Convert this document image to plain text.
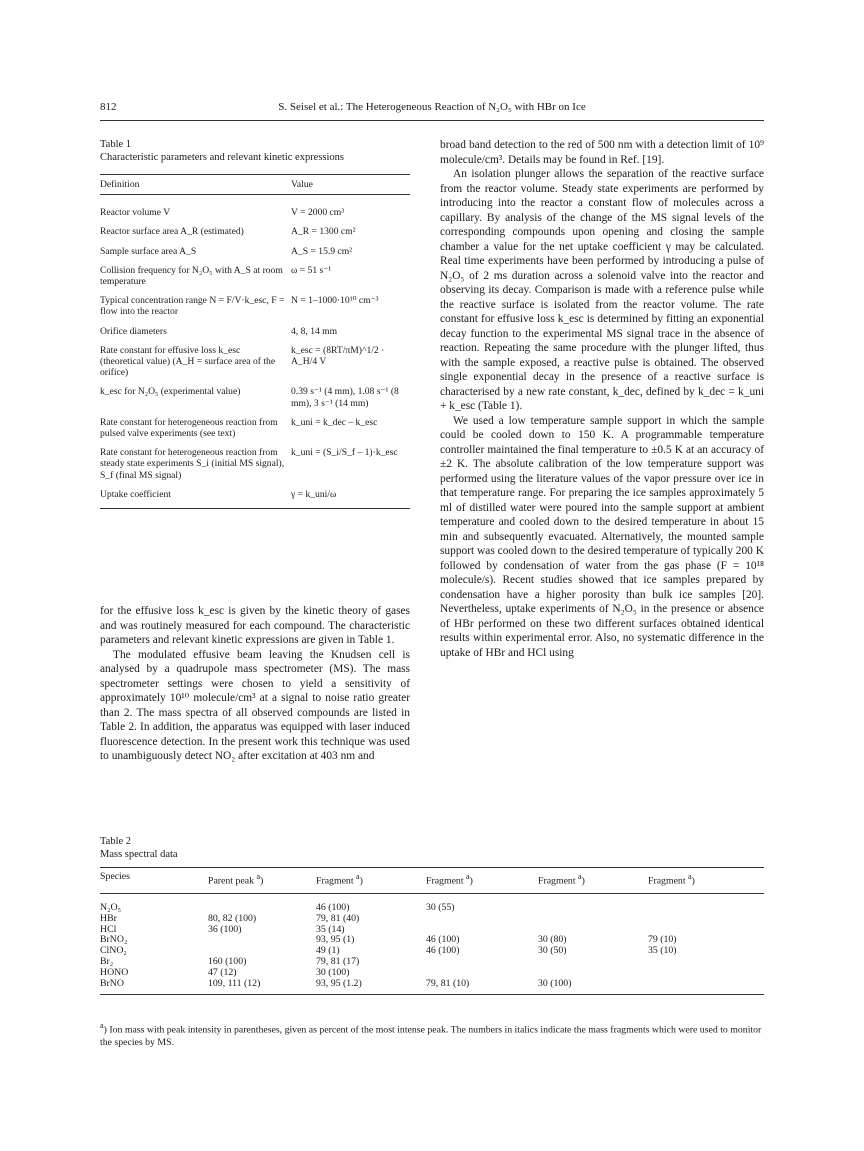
812	S. Seisel et al.: The Heterogeneous Reaction of N₂O₅ with HBr on Ice
Table 1
Characteristic parameters and relevant kinetic expressions
Definition	Value
Reactor volume V	V = 2000 cm³
Reactor surface area A_R (estimated)	A_R = 1300 cm²
Sample surface area A_S	A_S = 15.9 cm²
Collision frequency for N₂O₅ with A_S at room temperature	ω = 51 s⁻¹
Typical concentration range N = F/V·k_esc, F = flow into the reactor	N = 1–1000·10¹⁰ cm⁻³
Orifice diameters	4, 8, 14 mm
Rate constant for effusive loss k_esc (theoretical value) (A_H = surface area of the orifice)	k_esc = (8RT/πM)^1/2 · A_H/4 V
k_esc for N₂O₅ (experimental value)	0.39 s⁻¹ (4 mm), 1.08 s⁻¹ (8 mm), 3 s⁻¹ (14 mm)
Rate constant for heterogeneous reaction from pulsed valve experiments (see text)	k_uni = k_dec – k_esc
Rate constant for heterogeneous reaction from steady state experiments S_i (initial MS signal), S_f (final MS signal)	k_uni = (S_i/S_f – 1)·k_esc
Uptake coefficient	γ = k_uni/ω

for the effusive loss k_esc is given by the kinetic theory of gases and was routinely measured for each compound. The characteristic parameters and relevant kinetic expressions are given in Table 1.

The modulated effusive beam leaving the Knudsen cell is analysed by a quadrupole mass spectrometer (MS). The mass spectrometer settings were chosen to yield a sensitivity of approximately 10¹⁰ molecule/cm³ at a signal to noise ratio greater than 2. The mass spectra of all observed compounds are listed in Table 2. In addition, the apparatus was equipped with laser induced fluorescence detection. In the present work this technique was used to unambiguously detect NO₂ after excitation at 403 nm and

broad band detection to the red of 500 nm with a detection limit of 10⁹ molecule/cm³. Details may be found in Ref. [19].

An isolation plunger allows the separation of the reactive surface from the reactor volume. Steady state experiments are performed by introducing into the reactor a constant flow of molecules across a capillary. By analysis of the change of the MS signal levels of the corresponding compounds upon opening and closing the sample chamber a value for the net uptake coefficient γ may be calculated. Real time experiments have been performed by introducing a pulse of N₂O₅ of 2 ms duration across a solenoid valve into the reactor and observing its decay. Comparison is made with a reference pulse while the reactive surface is isolated from the reactor volume. The rate constant for effusive loss k_esc is determined by fitting an exponential decay function to the experimental MS signal trace in the absence of reaction. Repeating the same procedure with the plunger lifted, thus with the sample exposed, a reactive pulse is obtained. The observed single exponential decay in the presence of a reactive surface is characterised by a new rate constant, k_dec, defined by k_dec = k_uni + k_esc (Table 1).

We used a low temperature sample support in which the sample could be cooled down to 150 K. A programmable temperature controller maintained the final temperature to ±0.5 K at an accuracy of ±2 K. The absolute calibration of the low temperature support was performed using the literature values of the vapor pressure over ice in that temperature range. For preparing the ice samples approximately 5 ml of distilled water were poured into the sample support at ambient temperature and cooled down to the desired temperature in about 15 min and subsequently evacuated. Alternatively, the mounted sample support was cooled down to the desired temperature of typically 200 K followed by condensation of water from the gas phase (F = 10¹⁸ molecule/s). Recent studies showed that ice samples prepared by condensation have a higher porosity than bulk ice samples [20]. Nevertheless, uptake experiments of N₂O₅ in the presence or absence of HBr performed on these two different surfaces obtained identical results within experimental error. Also, no systematic difference in the uptake of HBr and HCl using

Table 2
Mass spectral data
Species	Parent peak $^a$)	Fragment $^a$)	Fragment $^a$)	Fragment $^a$)	Fragment $^a$)
N₂O₅		46 (100)	30 (55)		
HBr	80, 82 (100)	79, 81 (40)			
HCl	36 (100)	35 (14)			
BrNO₂		93, 95 (1)	46 (100)	30 (80)	79 (10)
ClNO₂		49 (1)	46 (100)	30 (50)	35 (10)
Br₂	160 (100)	79, 81 (17)			
HONO	47 (12)	30 (100)			
BrNO	109, 111 (12)	93, 95 (1.2)	79, 81 (10)	30 (100)	
$^a$) Ion mass with peak intensity in parentheses, given as percent of the most intense peak. The numbers in italics indicate the mass fragments which were used to monitor the species by MS.
